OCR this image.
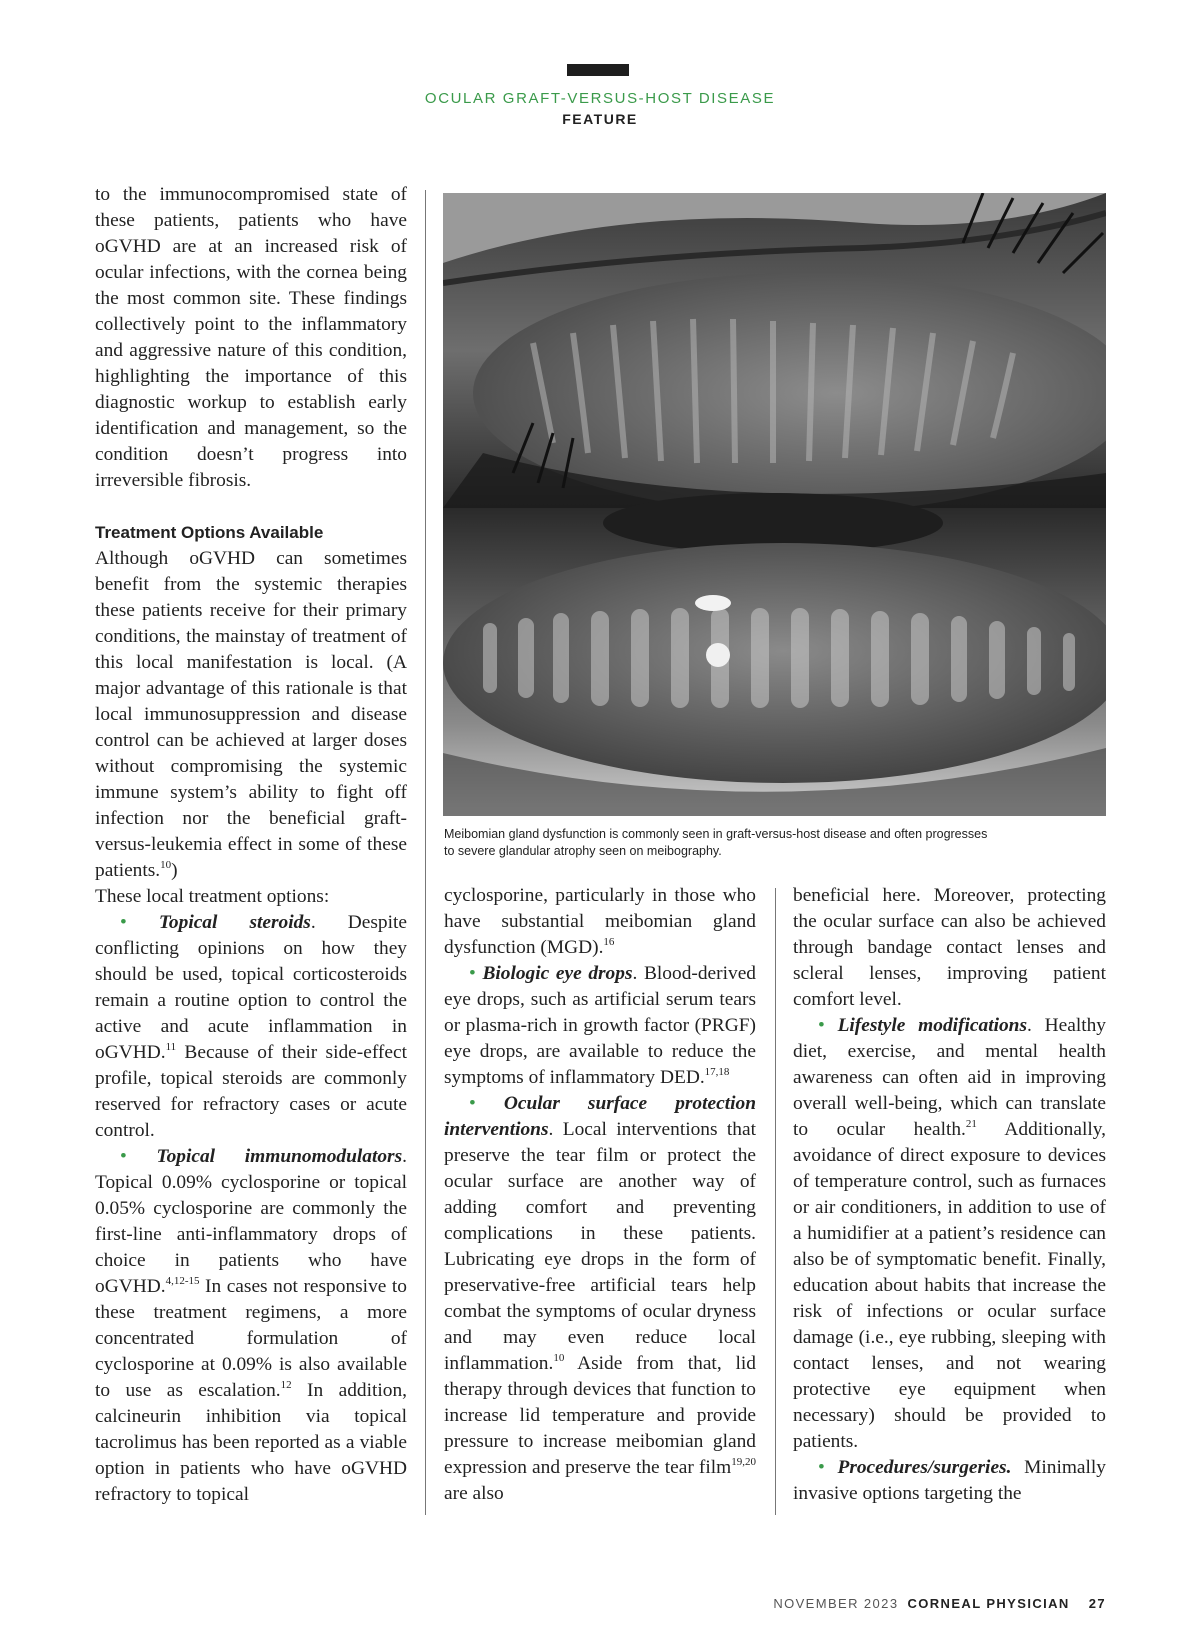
OCULAR GRAFT-VERSUS-HOST DISEASE
FEATURE

to the immunocompromised state of these patients, patients who have oGVHD are at an increased risk of ocular infections, with the cornea being the most common site. These findings collectively point to the inflammatory and aggressive nature of this condition, highlighting the importance of this diagnostic workup to establish early identification and management, so the condition doesn’t progress into irreversible fibrosis.

Treatment Options Available

Although oGVHD can sometimes benefit from the systemic therapies these patients receive for their primary conditions, the mainstay of treatment of this local manifestation is local. (A major advantage of this rationale is that local immunosuppression and disease control can be achieved at larger doses without compromising the systemic immune system’s ability to fight off infection nor the beneficial graft-versus-leukemia effect in some of these patients.$^{10}$)

These local treatment options:

• Topical steroids. Despite conflicting opinions on how they should be used, topical corticosteroids remain a routine option to control the active and acute inflammation in oGVHD.$^{11}$ Because of their side-effect profile, topical steroids are commonly reserved for refractory cases or acute control.

• Topical immunomodulators. Topical 0.09% cyclosporine or topical 0.05% cyclosporine are commonly the first-line anti-inflammatory drops of choice in patients who have oGVHD.$^{4,12-15}$ In cases not responsive to these treatment regimens, a more concentrated formulation of cyclosporine at 0.09% is also available to use as escalation.$^{12}$ In addition, calcineurin inhibition via topical tacrolimus has been reported as a viable option in patients who have oGVHD refractory to topical

Meibomian gland dysfunction is commonly seen in graft-versus-host disease and often progresses
to severe glandular atrophy seen on meibography.

cyclosporine, particularly in those who have substantial meibomian gland dysfunction (MGD).$^{16}$

• Biologic eye drops. Blood-derived eye drops, such as artificial serum tears or plasma-rich in growth factor (PRGF) eye drops, are available to reduce the symptoms of inflammatory DED.$^{17,18}$

• Ocular surface protection interventions. Local interventions that preserve the tear film or protect the ocular surface are another way of adding comfort and preventing complications in these patients. Lubricating eye drops in the form of preservative-free artificial tears help combat the symptoms of ocular dryness and may even reduce local inflammation.$^{10}$ Aside from that, lid therapy through devices that function to increase lid temperature and provide pressure to increase meibomian gland expression and preserve the tear film$^{19,20}$ are also

beneficial here. Moreover, protecting the ocular surface can also be achieved through bandage contact lenses and scleral lenses, improving patient comfort level.

• Lifestyle modifications. Healthy diet, exercise, and mental health awareness can often aid in improving overall well-being, which can translate to ocular health.$^{21}$ Additionally, avoidance of direct exposure to devices of temperature control, such as furnaces or air conditioners, in addition to use of a humidifier at a patient’s residence can also be of symptomatic benefit. Finally, education about habits that increase the risk of infections or ocular surface damage (i.e., eye rubbing, sleeping with contact lenses, and not wearing protective eye equipment when necessary) should be provided to patients.

• Procedures/surgeries. Minimally invasive options targeting the

NOVEMBER 2023 CORNEAL PHYSICIAN 27
